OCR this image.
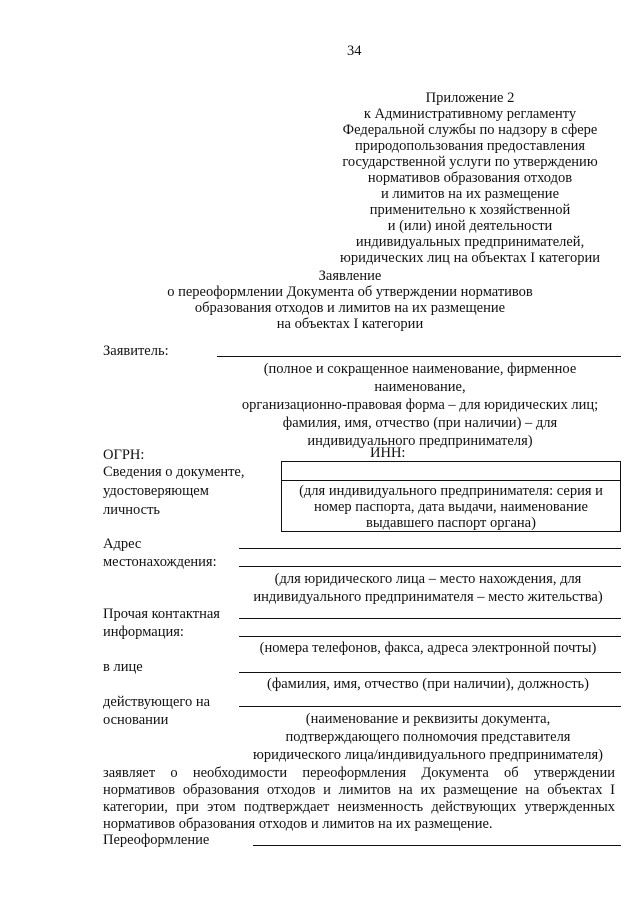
34
Приложение 2
к Административному регламенту
Федеральной службы по надзору в сфере
природопользования предоставления
государственной услуги по утверждению
нормативов образования отходов
и лимитов на их размещение
применительно к хозяйственной
и (или) иной деятельности
индивидуальных предпринимателей,
юридических лиц на объектах I категории
Заявление
о переоформлении Документа об утверждении нормативов
образования отходов и лимитов на их размещение
на объектах I категории
Заявитель:
(полное и сокращенное наименование, фирменное
наименование,
организационно-правовая форма – для юридических лиц;
фамилия, имя, отчество (при наличии) – для
индивидуального предпринимателя)
ОГРН:	ИНН:
Сведения о документе,
удостоверяющем
личность
(для индивидуального предпринимателя: серия и
номер паспорта, дата выдачи, наименование
выдавшего паспорт органа)
Адрес
местонахождения:
(для юридического лица – место нахождения, для
индивидуального предпринимателя – место жительства)
Прочая контактная
информация:
(номера телефонов, факса, адреса электронной почты)
в лице
(фамилия, имя, отчество (при наличии), должность)
действующего на
основании	(наименование и реквизиты документа,
подтверждающего полномочия представителя
юридического лица/индивидуального предпринимателя)
заявляет о необходимости переоформления Документа об утверждении нормативов образования отходов и лимитов на их размещение на объектах I категории, при этом подтверждает неизменность действующих утвержденных нормативов образования отходов и лимитов на их размещение.
Переоформление
